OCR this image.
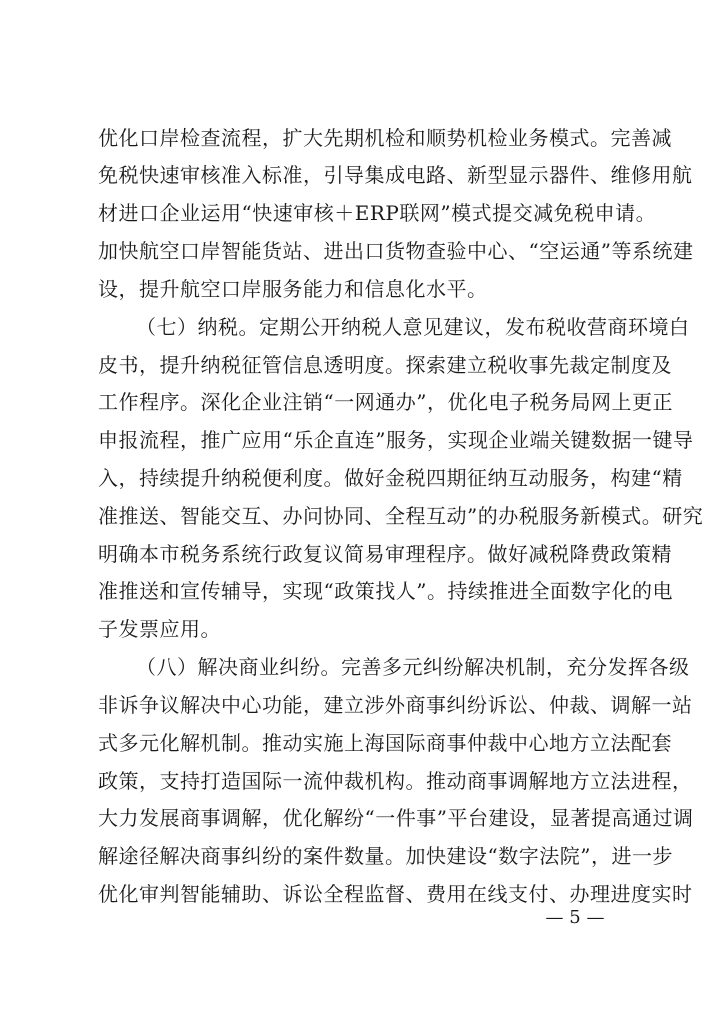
优化口岸检查流程，扩大先期机检和顺势机检业务模式。完善减
免税快速审核准入标准，引导集成电路、新型显示器件、维修用航
材进口企业运用“快速审核＋ERP联网”模式提交减免税申请。
加快航空口岸智能货站、进出口货物查验中心、“空运通”等系统建
设，提升航空口岸服务能力和信息化水平。
（七）纳税。定期公开纳税人意见建议，发布税收营商环境白
皮书，提升纳税征管信息透明度。探索建立税收事先裁定制度及
工作程序。深化企业注销“一网通办”，优化电子税务局网上更正
申报流程，推广应用“乐企直连”服务，实现企业端关键数据一键导
入，持续提升纳税便利度。做好金税四期征纳互动服务，构建“精
准推送、智能交互、办问协同、全程互动”的办税服务新模式。研究
明确本市税务系统行政复议简易审理程序。做好减税降费政策精
准推送和宣传辅导，实现“政策找人”。持续推进全面数字化的电
子发票应用。
（八）解决商业纠纷。完善多元纠纷解决机制，充分发挥各级
非诉争议解决中心功能，建立涉外商事纠纷诉讼、仲裁、调解一站
式多元化解机制。推动实施上海国际商事仲裁中心地方立法配套
政策，支持打造国际一流仲裁机构。推动商事调解地方立法进程，
大力发展商事调解，优化解纷“一件事”平台建设，显著提高通过调
解途径解决商事纠纷的案件数量。加快建设“数字法院”，进一步
优化审判智能辅助、诉讼全程监督、费用在线支付、办理进度实时
— 5 —
